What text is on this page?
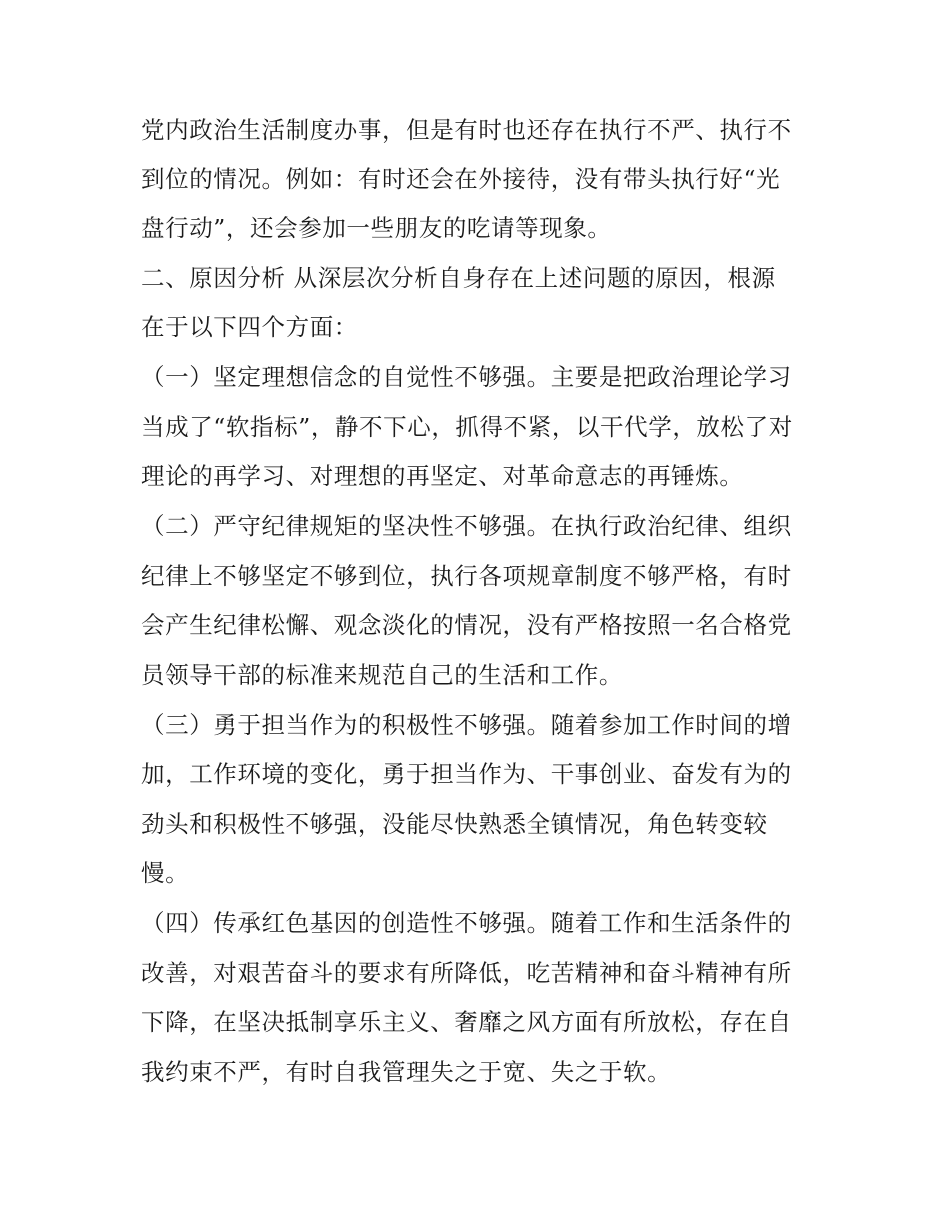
党内政治生活制度办事，但是有时也还存在执行不严、执行不
到位的情况。例如：有时还会在外接待，没有带头执行好“光
盘行动”，还会参加一些朋友的吃请等现象。
二、原因分析 从深层次分析自身存在上述问题的原因，根源
在于以下四个方面：
（一）坚定理想信念的自觉性不够强。主要是把政治理论学习
当成了“软指标”，静不下心，抓得不紧，以干代学，放松了对
理论的再学习、对理想的再坚定、对革命意志的再锤炼。
（二）严守纪律规矩的坚决性不够强。在执行政治纪律、组织
纪律上不够坚定不够到位，执行各项规章制度不够严格，有时
会产生纪律松懈、观念淡化的情况，没有严格按照一名合格党
员领导干部的标准来规范自己的生活和工作。
（三）勇于担当作为的积极性不够强。随着参加工作时间的增
加，工作环境的变化，勇于担当作为、干事创业、奋发有为的
劲头和积极性不够强，没能尽快熟悉全镇情况，角色转变较
慢。
（四）传承红色基因的创造性不够强。随着工作和生活条件的
改善，对艰苦奋斗的要求有所降低，吃苦精神和奋斗精神有所
下降，在坚决抵制享乐主义、奢靡之风方面有所放松，存在自
我约束不严，有时自我管理失之于宽、失之于软。
